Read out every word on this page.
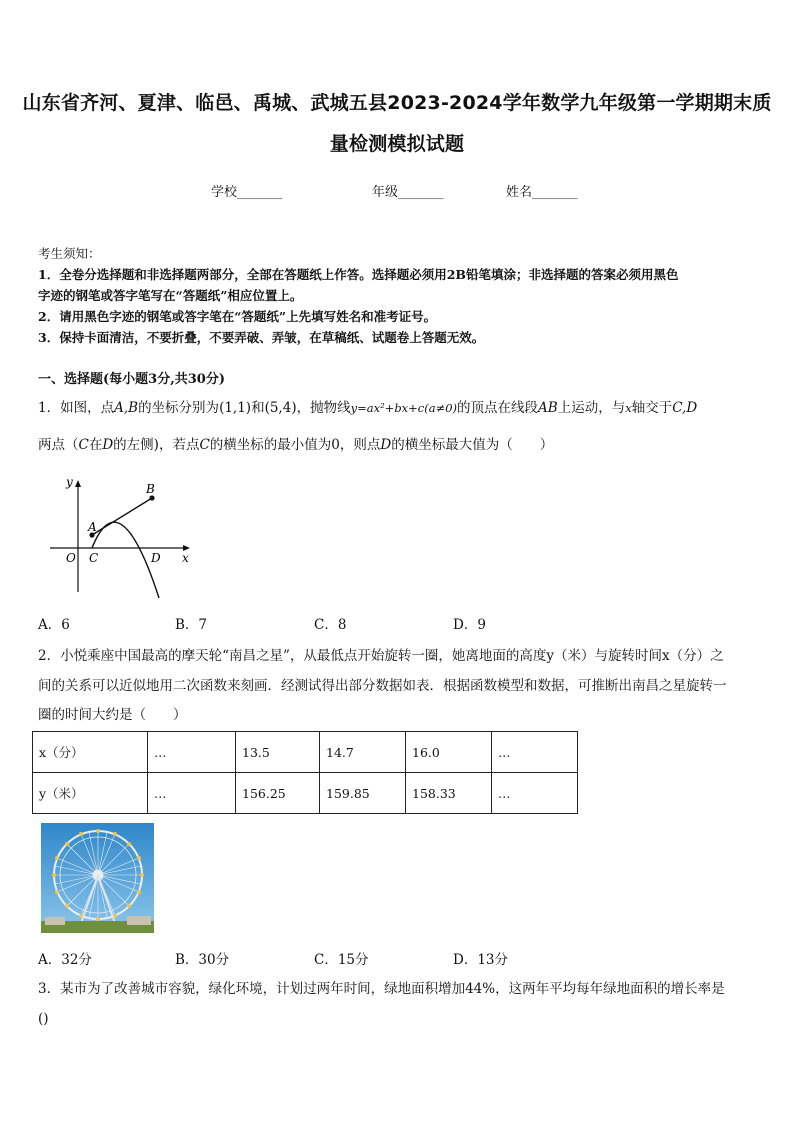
山东省齐河、夏津、临邑、禹城、武城五县2023-2024学年数学九年级第一学期期末质
量检测模拟试题
学校_______	年级_______	姓名_______
考生须知：
1．全卷分选择题和非选择题两部分，全部在答题纸上作答。选择题必须用2B铅笔填涂；非选择题的答案必须用黑色
字迹的钢笔或答字笔写在“答题纸”相应位置上。
2．请用黑色字迹的钢笔或答字笔在“答题纸”上先填写姓名和准考证号。
3．保持卡面清洁，不要折叠，不要弄破、弄皱，在草稿纸、试题卷上答题无效。
一、选择题(每小题3分,共30分)
1．如图，点A,B的坐标分别为(1,1)和(5,4)，抛物线y=ax²+bx+c(a≠0)的顶点在线段AB上运动，与x轴交于C,D
两点（C在D的左侧)，若点C的横坐标的最小值为0，则点D的横坐标最大值为（　　）
y
x
O
A
B
C	D
A．6	B．7	C．8	D．9
2．小悦乘座中国最高的摩天轮“南昌之星”，从最低点开始旋转一圈，她离地面的高度y（米）与旋转时间x（分）之
间的关系可以近似地用二次函数来刻画．经测试得出部分数据如表．根据函数模型和数据，可推断出南昌之星旋转一
圈的时间大约是（　　）
x（分）	…	13.5	14.7	16.0	…
y（米）	…	156.25	159.85	158.33	…
A．32分	B．30分	C．15分	D．13分
3．某市为了改善城市容貌，绿化环境，计划过两年时间，绿地面积增加44%，这两年平均每年绿地面积的增长率是
()
